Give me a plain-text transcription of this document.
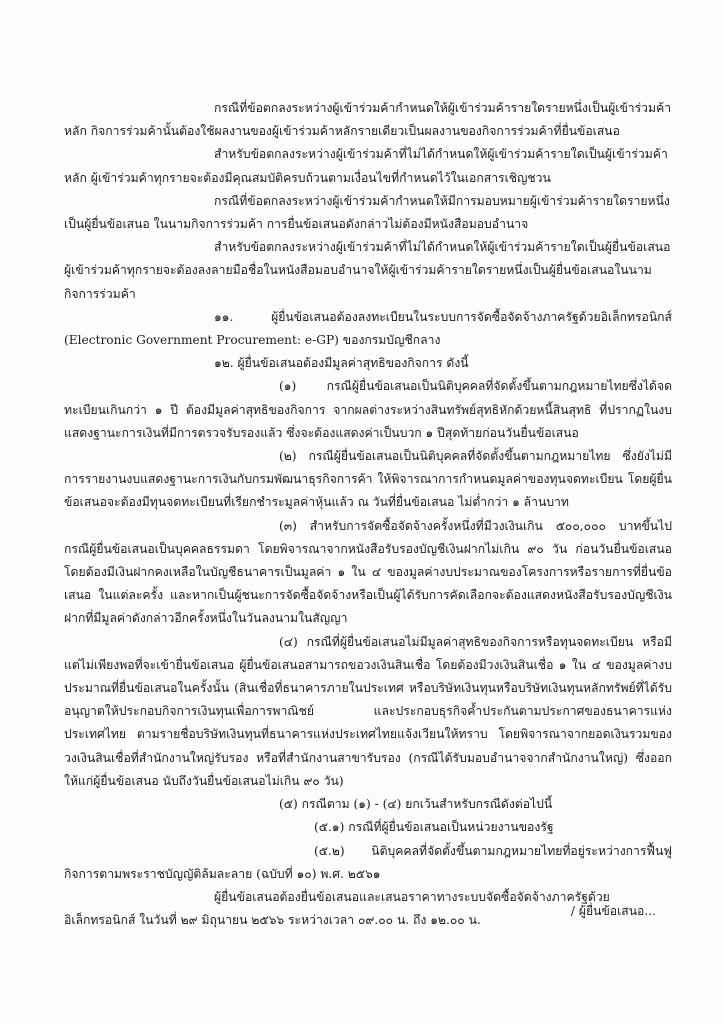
กรณีที่ข้อตกลงระหว่างผู้เข้าร่วมค้ากำหนดให้ผู้เข้าร่วมค้ารายใดรายหนึ่งเป็นผู้เข้าร่วมค้าหลัก กิจการร่วมค้านั้นต้องใช้ผลงานของผู้เข้าร่วมค้าหลักรายเดียวเป็นผลงานของกิจการร่วมค้าที่ยื่นข้อเสนอ

สำหรับข้อตกลงระหว่างผู้เข้าร่วมค้าที่ไม่ได้กำหนดให้ผู้เข้าร่วมค้ารายใดเป็นผู้เข้าร่วมค้าหลัก ผู้เข้าร่วมค้าทุกรายจะต้องมีคุณสมบัติครบถ้วนตามเงื่อนไขที่กำหนดไว้ในเอกสารเชิญชวน

กรณีที่ข้อตกลงระหว่างผู้เข้าร่วมค้ากำหนดให้มีการมอบหมายผู้เข้าร่วมค้ารายใดรายหนึ่ง เป็นผู้ยื่นข้อเสนอ ในนามกิจการร่วมค้า การยื่นข้อเสนอดังกล่าวไม่ต้องมีหนังสือมอบอำนาจ

สำหรับข้อตกลงระหว่างผู้เข้าร่วมค้าที่ไม่ได้กำหนดให้ผู้เข้าร่วมค้ารายใดเป็นผู้ยื่นข้อเสนอผู้เข้าร่วมค้าทุกรายจะต้องลงลายมือชื่อในหนังสือมอบอำนาจให้ผู้เข้าร่วมค้ารายใดรายหนึ่งเป็นผู้ยื่นข้อเสนอในนามกิจการร่วมค้า

๑๑. ผู้ยื่นข้อเสนอต้องลงทะเบียนในระบบการจัดซื้อจัดจ้างภาครัฐด้วยอิเล็กทรอนิกส์ (Electronic Government Procurement: e-GP) ของกรมบัญชีกลาง

๑๒. ผู้ยื่นข้อเสนอต้องมีมูลค่าสุทธิของกิจการ ดังนี้

(๑) กรณีผู้ยื่นข้อเสนอเป็นนิติบุคคลที่จัดตั้งขึ้นตามกฎหมายไทยซึ่งได้จดทะเบียนเกินกว่า ๑ ปี ต้องมีมูลค่าสุทธิของกิจการ จากผลต่างระหว่างสินทรัพย์สุทธิหักด้วยหนี้สินสุทธิ ที่ปรากฏในงบแสดงฐานะการเงินที่มีการตรวจรับรองแล้ว ซึ่งจะต้องแสดงค่าเป็นบวก ๑ ปีสุดท้ายก่อนวันยื่นข้อเสนอ

(๒) กรณีผู้ยื่นข้อเสนอเป็นนิติบุคคลที่จัดตั้งขึ้นตามกฎหมายไทย ซึ่งยังไม่มีการรายงานงบแสดงฐานะการเงินกับกรมพัฒนาธุรกิจการค้า ให้พิจารณาการกำหนดมูลค่าของทุนจดทะเบียน โดยผู้ยื่นข้อเสนอจะต้องมีทุนจดทะเบียนที่เรียกชำระมูลค่าหุ้นแล้ว ณ วันที่ยื่นข้อเสนอ ไม่ต่ำกว่า ๑ ล้านบาท

(๓) สำหรับการจัดซื้อจัดจ้างครั้งหนึ่งที่มีวงเงินเกิน ๕๐๐,๐๐๐ บาทขึ้นไป กรณีผู้ยื่นข้อเสนอเป็นบุคคลธรรมดา โดยพิจารณาจากหนังสือรับรองบัญชีเงินฝากไม่เกิน ๙๐ วัน ก่อนวันยื่นข้อเสนอโดยต้องมีเงินฝากคงเหลือในบัญชีธนาคารเป็นมูลค่า ๑ ใน ๔ ของมูลค่างบประมาณของโครงการหรือรายการที่ยื่นข้อเสนอ ในแต่ละครั้ง และหากเป็นผู้ชนะการจัดซื้อจัดจ้างหรือเป็นผู้ได้รับการคัดเลือกจะต้องแสดงหนังสือรับรองบัญชีเงินฝากที่มีมูลค่าดังกล่าวอีกครั้งหนึ่งในวันลงนามในสัญญา

(๔) กรณีที่ผู้ยื่นข้อเสนอไม่มีมูลค่าสุทธิของกิจการหรือทุนจดทะเบียน หรือมีแต่ไม่เพียงพอที่จะเข้ายื่นข้อเสนอ ผู้ยื่นข้อเสนอสามารถขอวงเงินสินเชื่อ โดยต้องมีวงเงินสินเชื่อ ๑ ใน ๔ ของมูลค่างบประมาณที่ยื่นข้อเสนอในครั้งนั้น (สินเชื่อที่ธนาคารภายในประเทศ หรือบริษัทเงินทุนหรือบริษัทเงินทุนหลักทรัพย์ที่ได้รับอนุญาตให้ประกอบกิจการเงินทุนเพื่อการพาณิชย์ และประกอบธุรกิจค้ำประกันตามประกาศของธนาคารแห่งประเทศไทย ตามรายชื่อบริษัทเงินทุนที่ธนาคารแห่งประเทศไทยแจ้งเวียนให้ทราบ โดยพิจารณาจากยอดเงินรวมของวงเงินสินเชื่อที่สำนักงานใหญ่รับรอง หรือที่สำนักงานสาขารับรอง (กรณีได้รับมอบอำนาจจากสำนักงานใหญ่) ซึ่งออกให้แก่ผู้ยื่นข้อเสนอ นับถึงวันยื่นข้อเสนอไม่เกิน ๙๐ วัน)

(๕) กรณีตาม (๑) - (๔) ยกเว้นสำหรับกรณีดังต่อไปนี้

(๕.๑) กรณีที่ผู้ยื่นข้อเสนอเป็นหน่วยงานของรัฐ

(๕.๒) นิติบุคคลที่จัดตั้งขึ้นตามกฎหมายไทยที่อยู่ระหว่างการฟื้นฟูกิจการตามพระราชบัญญัติล้มละลาย (ฉบับที่ ๑๐) พ.ศ. ๒๕๖๑

ผู้ยื่นข้อเสนอต้องยื่นข้อเสนอและเสนอราคาทางระบบจัดซื้อจัดจ้างภาครัฐด้วยอิเล็กทรอนิกส์ ในวันที่ ๒๙ มิถุนายน ๒๕๖๖ ระหว่างเวลา ๐๙.๐๐ น. ถึง ๑๒.๐๐ น.

/ ผู้ยื่นข้อเสนอ...
